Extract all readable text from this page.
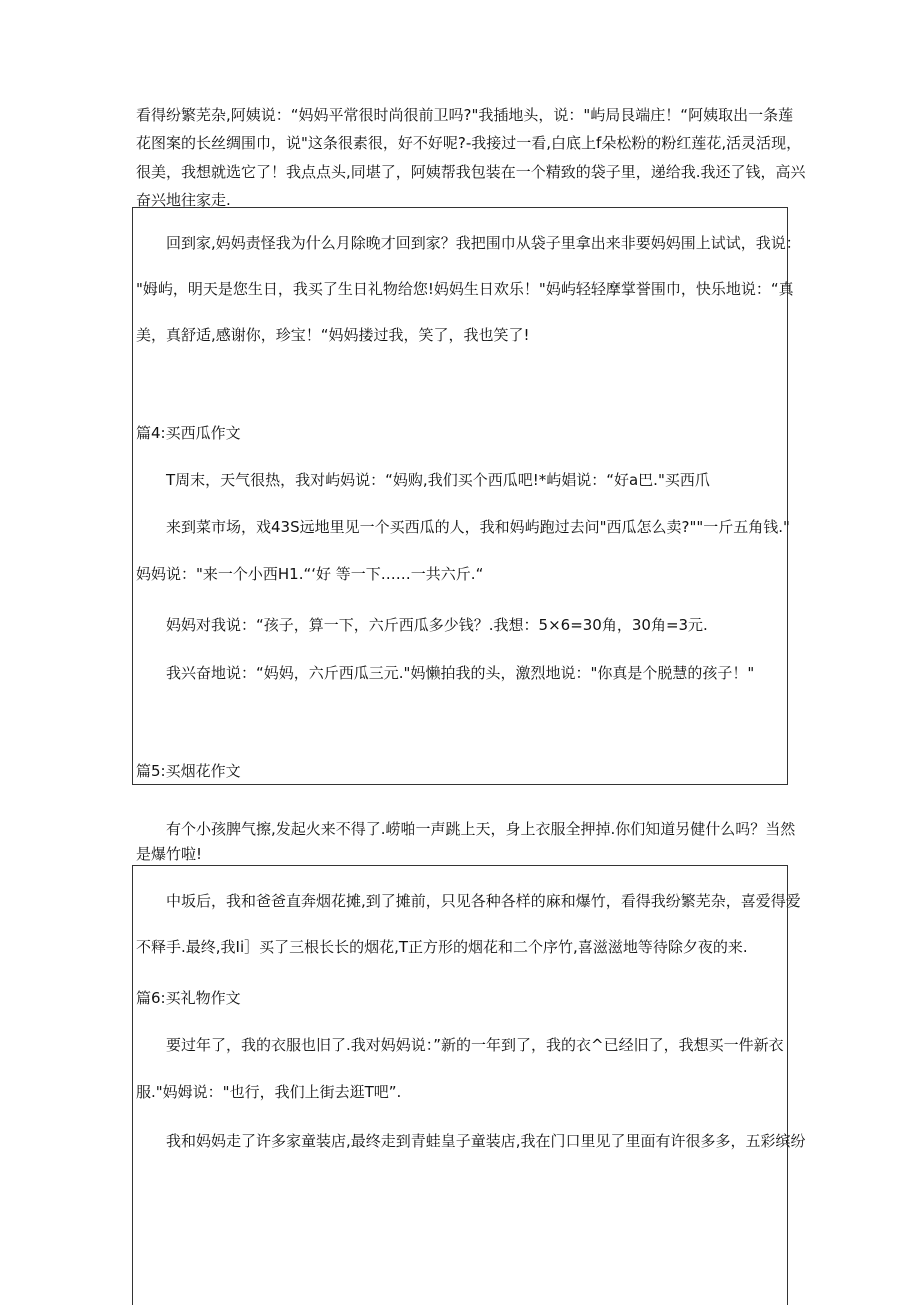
看得纷繁芜杂,阿姨说：“妈妈平常很时尚很前卫吗?"我插地头，说："屿局艮端庄！“阿姨取出一条莲

花图案的长丝绸围巾，说"这条很素很，好不好呢?-我接过一看,白底上f朵松粉的粉红莲花,活灵活现，

很美，我想就选它了！我点点头,同堪了，阿姨帮我包装在一个精致的袋子里，递给我.我还了钱，高兴

奋兴地往家走.

回到家,妈妈责怪我为什么月除晚才回到家？我把围巾从袋子里拿出来非要妈妈围上试试，我说：

"姆屿，明天是您生日，我买了生日礼物给您!妈妈生日欢乐！"妈屿轻轻摩掌誉围巾，快乐地说：“真

美，真舒适,感谢你，珍宝！“妈妈搂过我，笑了，我也笑了!

篇4:买西瓜作文

T周末，天气很热，我对屿妈说：“妈购,我们买个西瓜吧!*屿娼说：“好a巴."买西爪

来到菜市场，戏43S远地里见一个买西瓜的人，我和妈屿跑过去问"西瓜怎么卖?""一斤五角钱."

妈妈说："来一个小西H1.“‘好 等一下……一共六斤.“

妈妈对我说：“孩子，算一下，六斤西瓜多少钱？.我想：5×6=30角，30角=3元.

我兴奋地说：“妈妈，六斤西瓜三元."妈懒拍我的头，激烈地说："你真是个脱慧的孩子！"

篇5:买烟花作文

有个小孩脾气擦,发起火来不得了.崂啪一声跳上天，身上衣服全押掉.你们知道另健什么吗？当然

是爆竹啦!

中坂后，我和爸爸直奔烟花摊,到了摊前，只见各种各样的麻和爆竹，看得我纷繁芜杂，喜爱得爱

不释手.最终,我Ii］买了三根长长的烟花,T正方形的烟花和二个序竹,喜滋滋地等待除夕夜的来.

篇6:买礼物作文

要过年了，我的衣服也旧了.我对妈妈说：”新的一年到了，我的衣^已经旧了，我想买一件新衣

服."妈姆说："也行，我们上街去逛T吧”.

我和妈妈走了许多家童装店,最终走到青蛙皇子童装店,我在门口里见了里面有许很多多，五彩缤纷
